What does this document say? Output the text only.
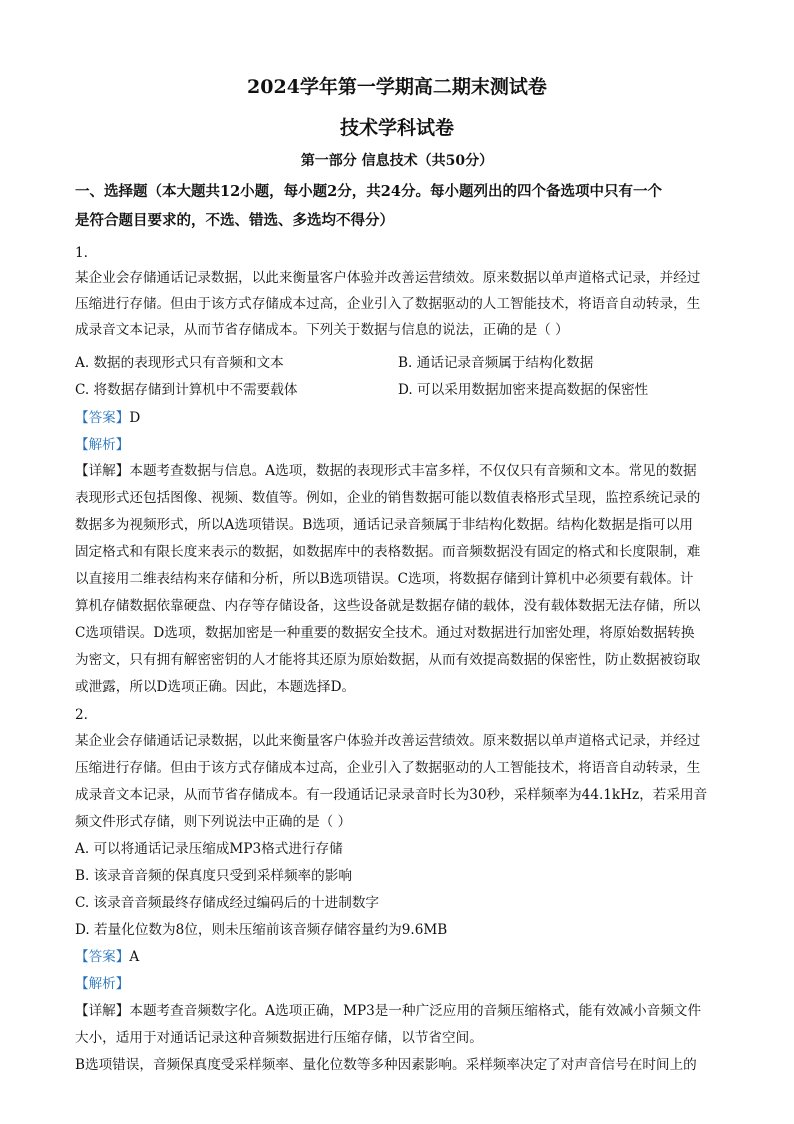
2024学年第一学期高二期末测试卷
技术学科试卷
第一部分 信息技术（共50分）
一、选择题（本大题共12小题，每小题2分，共24分。每小题列出的四个备选项中只有一个
是符合题目要求的，不选、错选、多选均不得分）
1.
某企业会存储通话记录数据，以此来衡量客户体验并改善运营绩效。原来数据以单声道格式记录，并经过
压缩进行存储。但由于该方式存储成本过高，企业引入了数据驱动的人工智能技术，将语音自动转录，生
成录音文本记录，从而节省存储成本。下列关于数据与信息的说法，正确的是（ ）
A. 数据的表现形式只有音频和文本	B. 通话记录音频属于结构化数据
C. 将数据存储到计算机中不需要载体	D. 可以采用数据加密来提高数据的保密性
【答案】D
【解析】
【详解】本题考查数据与信息。A选项，数据的表现形式丰富多样，不仅仅只有音频和文本。常见的数据
表现形式还包括图像、视频、数值等。例如，企业的销售数据可能以数值表格形式呈现，监控系统记录的
数据多为视频形式，所以A选项错误。B选项，通话记录音频属于非结构化数据。结构化数据是指可以用
固定格式和有限长度来表示的数据，如数据库中的表格数据。而音频数据没有固定的格式和长度限制，难
以直接用二维表结构来存储和分析，所以B选项错误。C选项，将数据存储到计算机中必须要有载体。计
算机存储数据依靠硬盘、内存等存储设备，这些设备就是数据存储的载体，没有载体数据无法存储，所以
C选项错误。D选项，数据加密是一种重要的数据安全技术。通过对数据进行加密处理，将原始数据转换
为密文，只有拥有解密密钥的人才能将其还原为原始数据，从而有效提高数据的保密性，防止数据被窃取
或泄露，所以D选项正确。因此，本题选择D。
2.
某企业会存储通话记录数据，以此来衡量客户体验并改善运营绩效。原来数据以单声道格式记录，并经过
压缩进行存储。但由于该方式存储成本过高，企业引入了数据驱动的人工智能技术，将语音自动转录，生
成录音文本记录，从而节省存储成本。有一段通话记录录音时长为30秒，采样频率为44.1kHz，若采用音
频文件形式存储，则下列说法中正确的是（ ）
A. 可以将通话记录压缩成MP3格式进行存储
B. 该录音音频的保真度只受到采样频率的影响
C. 该录音音频最终存储成经过编码后的十进制数字
D. 若量化位数为8位，则未压缩前该音频存储容量约为9.6MB
【答案】A
【解析】
【详解】本题考查音频数字化。A选项正确，MP3是一种广泛应用的音频压缩格式，能有效减小音频文件
大小，适用于对通话记录这种音频数据进行压缩存储，以节省空间。
B选项错误，音频保真度受采样频率、量化位数等多种因素影响。采样频率决定了对声音信号在时间上的
